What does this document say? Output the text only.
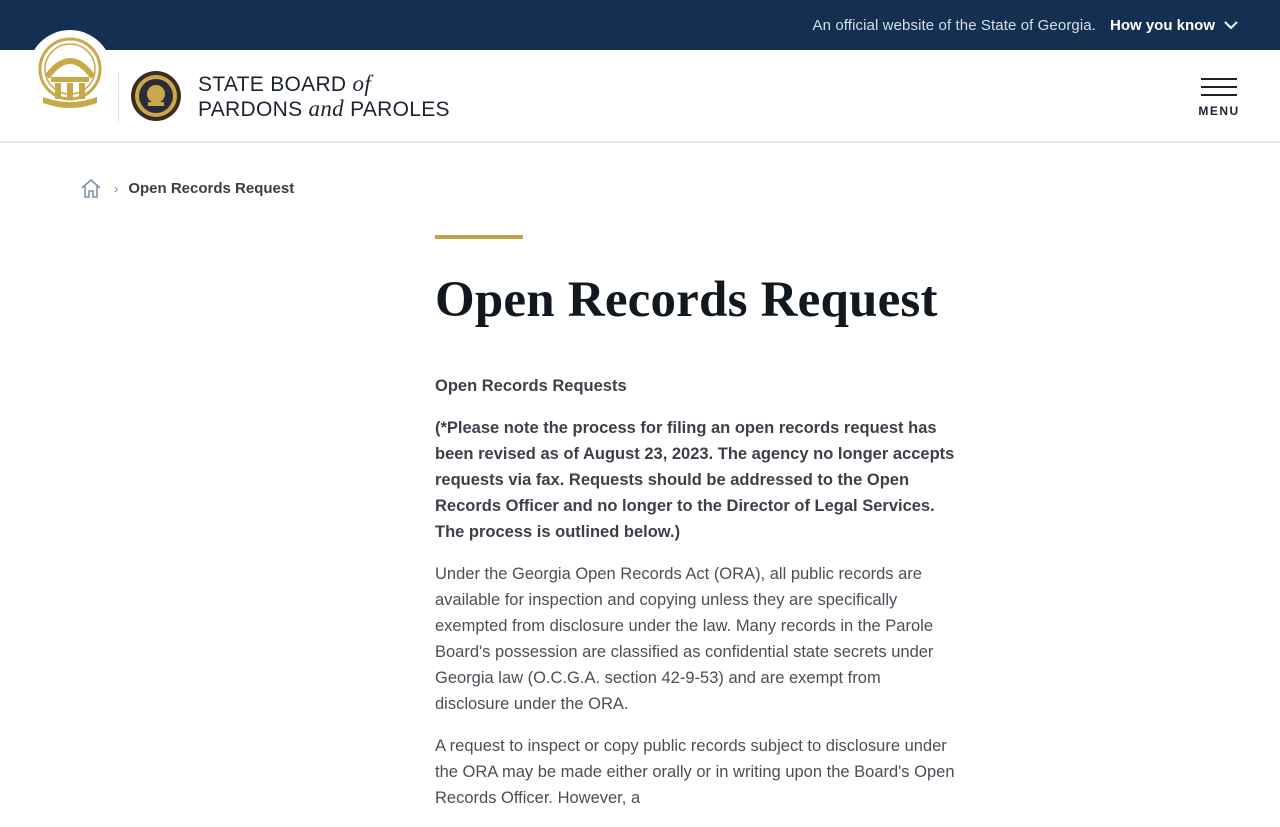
An official website of the State of Georgia. How you know
STATE BOARD of
PARDONS and PAROLES	MENU
› Open Records Request
Open Records Request

Open Records Requests

(*Please note the process for filing an open records request has been revised as of August 23, 2023. The agency no longer accepts requests via fax. Requests should be addressed to the Open Records Officer and no longer to the Director of Legal Services. The process is outlined below.)

Under the Georgia Open Records Act (ORA), all public records are available for inspection and copying unless they are specifically exempted from disclosure under the law. Many records in the Parole Board's possession are classified as confidential state secrets under Georgia law (O.C.G.A. section 42-9-53) and are exempt from disclosure under the ORA.

A request to inspect or copy public records subject to disclosure under the ORA may be made either orally or in writing upon the Board's Open Records Officer. However, a
